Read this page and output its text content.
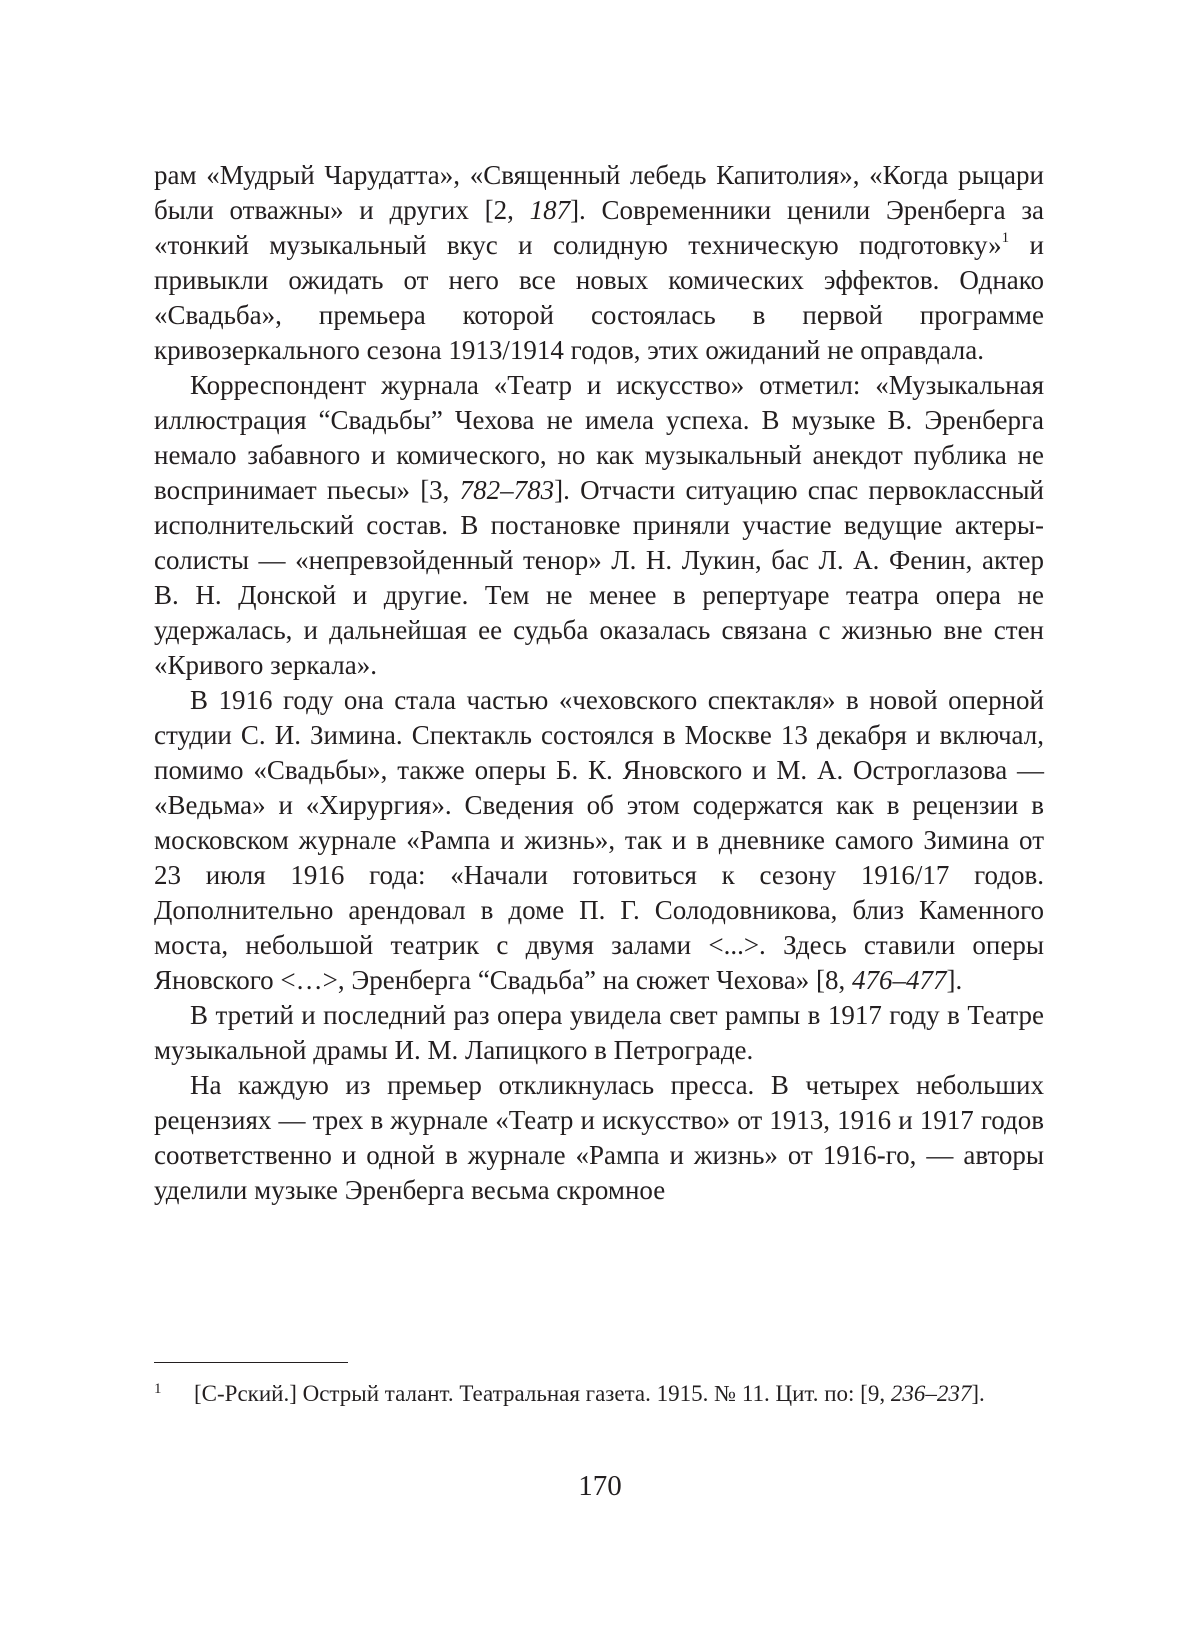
рам «Мудрый Чарудатта», «Священный лебедь Капитолия», «Когда рыцари были отважны» и других [2, 187]. Современники ценили Эренберга за «тонкий музыкальный вкус и солидную техническую подготовку»$^1$ и привыкли ожидать от него все новых комических эффектов. Однако «Свадьба», премьера которой состоялась в первой программе кривозеркального сезона 1913/1914 годов, этих ожиданий не оправдала.

Корреспондент журнала «Театр и искусство» отметил: «Музыкальная иллюстрация “Свадьбы” Чехова не имела успеха. В музыке В. Эренберга немало забавного и комического, но как музыкальный анекдот публика не воспринимает пьесы» [3, 782–783]. Отчасти ситуацию спас первоклассный исполнительский состав. В постановке приняли участие ведущие актеры-солисты — «непревзойденный тенор» Л. Н. Лукин, бас Л. А. Фенин, актер В. Н. Донской и другие. Тем не менее в репертуаре театра опера не удержалась, и дальнейшая ее судьба оказалась связана с жизнью вне стен «Кривого зеркала».

В 1916 году она стала частью «чеховского спектакля» в новой оперной студии С. И. Зимина. Спектакль состоялся в Москве 13 декабря и включал, помимо «Свадьбы», также оперы Б. К. Яновского и М. А. Остроглазова — «Ведьма» и «Хирургия». Сведения об этом содержатся как в рецензии в московском журнале «Рампа и жизнь», так и в дневнике самого Зимина от 23 июля 1916 года: «Начали готовиться к сезону 1916/17 годов. Дополнительно арендовал в доме П. Г. Солодовникова, близ Каменного моста, небольшой театрик с двумя залами <...>. Здесь ставили оперы Яновского <…>, Эренберга “Свадьба” на сюжет Чехова» [8, 476–477].

В третий и последний раз опера увидела свет рампы в 1917 году в Театре музыкальной драмы И. М. Лапицкого в Петрограде.

На каждую из премьер откликнулась пресса. В четырех небольших рецензиях — трех в журнале «Театр и искусство» от 1913, 1916 и 1917 годов соответственно и одной в журнале «Рампа и жизнь» от 1916-го, — авторы уделили музыке Эренберга весьма скромное

1 [С-Рский.] Острый талант. Театральная газета. 1915. № 11. Цит. по: [9, 236–237].
170
